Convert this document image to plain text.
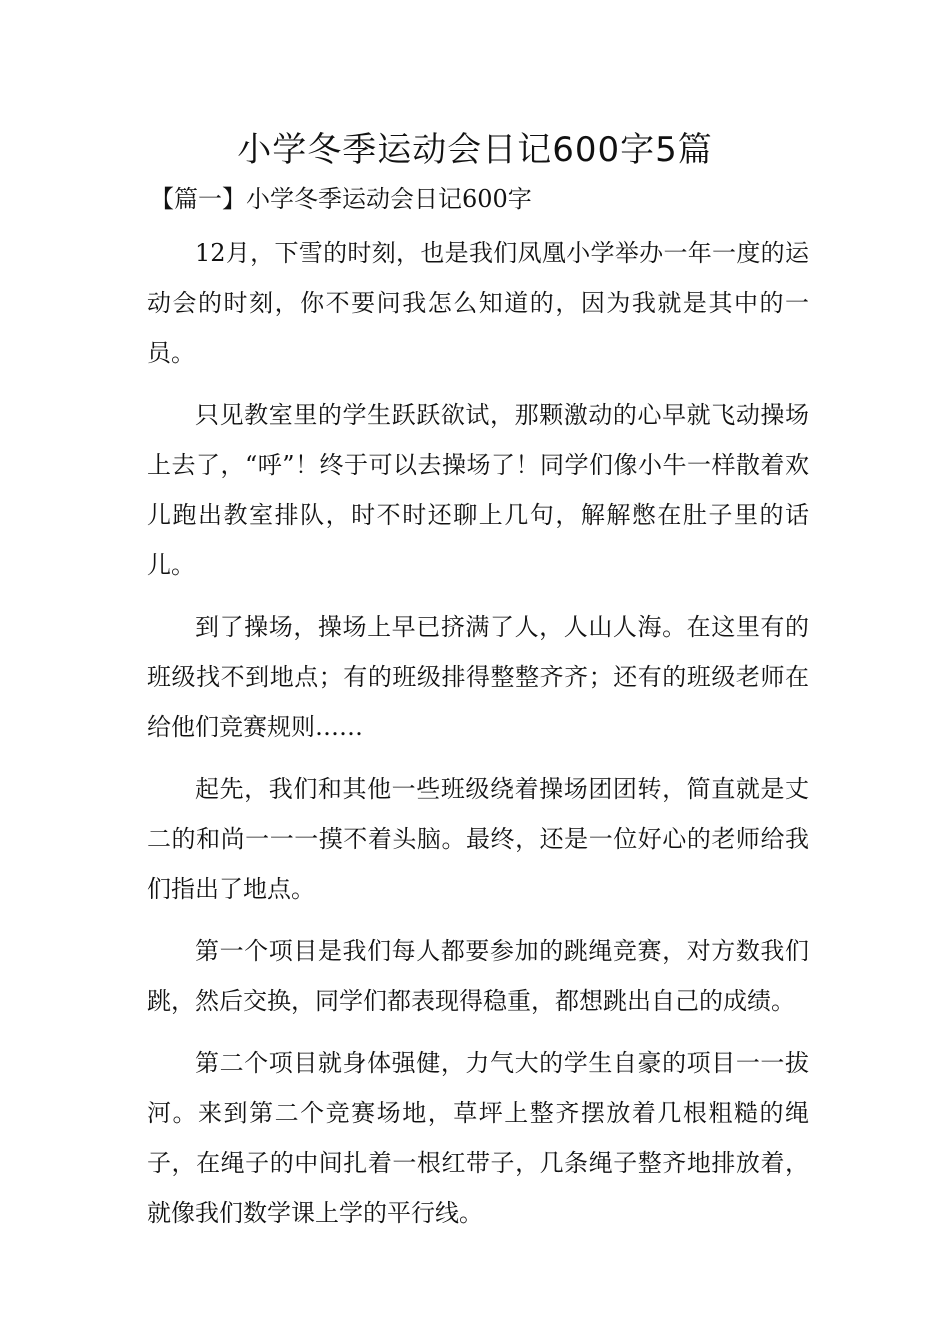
小学冬季运动会日记600字5篇
【篇一】小学冬季运动会日记600字

12月，下雪的时刻，也是我们凤凰小学举办一年一度的运动会的时刻，你不要问我怎么知道的，因为我就是其中的一员。

只见教室里的学生跃跃欲试，那颗激动的心早就飞动操场上去了，“呼”！终于可以去操场了！同学们像小牛一样散着欢儿跑出教室排队，时不时还聊上几句，解解憋在肚子里的话儿。

到了操场，操场上早已挤满了人，人山人海。在这里有的班级找不到地点；有的班级排得整整齐齐；还有的班级老师在给他们竞赛规则……

起先，我们和其他一些班级绕着操场团团转，简直就是丈二的和尚一一一摸不着头脑。最终，还是一位好心的老师给我们指出了地点。

第一个项目是我们每人都要参加的跳绳竞赛，对方数我们跳，然后交换，同学们都表现得稳重，都想跳出自己的成绩。

第二个项目就身体强健，力气大的学生自豪的项目一一拔河。来到第二个竞赛场地，草坪上整齐摆放着几根粗糙的绳子，在绳子的中间扎着一根红带子，几条绳子整齐地排放着，就像我们数学课上学的平行线。
